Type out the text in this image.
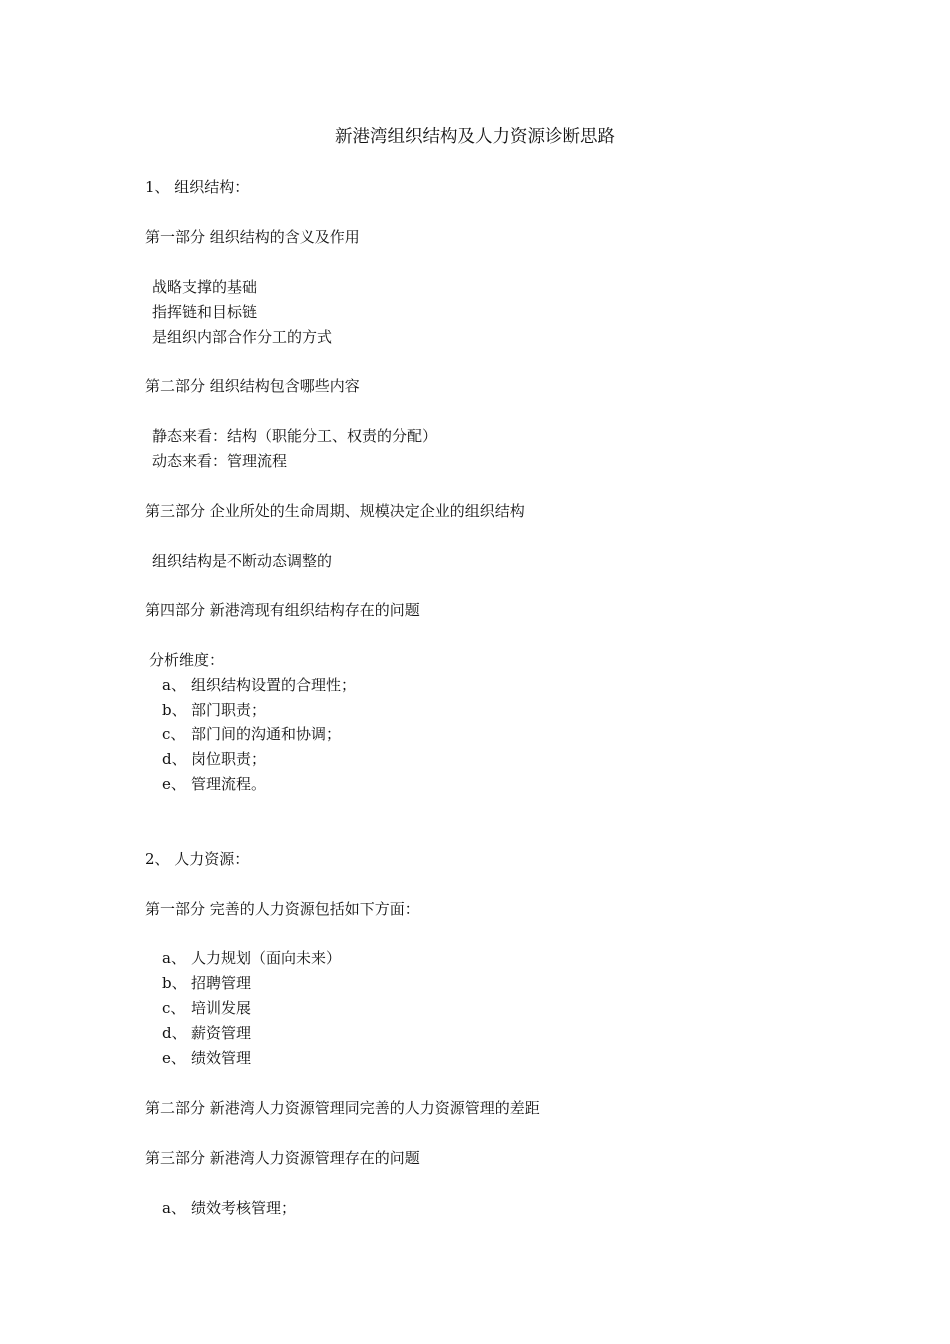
新港湾组织结构及人力资源诊断思路
1、 组织结构：
第一部分 组织结构的含义及作用
战略支撑的基础
指挥链和目标链
是组织内部合作分工的方式
第二部分 组织结构包含哪些内容
静态来看：结构（职能分工、权责的分配）
动态来看：管理流程
第三部分 企业所处的生命周期、规模决定企业的组织结构
组织结构是不断动态调整的
第四部分 新港湾现有组织结构存在的问题
分析维度：
a、 组织结构设置的合理性；
b、 部门职责；
c、 部门间的沟通和协调；
d、 岗位职责；
e、 管理流程。
2、 人力资源：
第一部分 完善的人力资源包括如下方面：
a、 人力规划（面向未来）
b、 招聘管理
c、 培训发展
d、 薪资管理
e、 绩效管理
第二部分 新港湾人力资源管理同完善的人力资源管理的差距
第三部分 新港湾人力资源管理存在的问题
a、 绩效考核管理；
